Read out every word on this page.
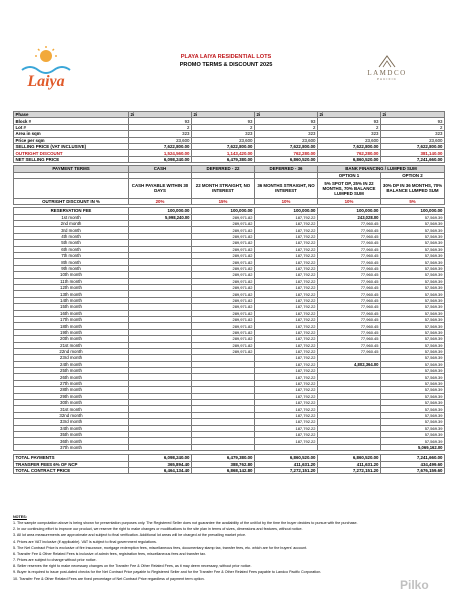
Laiya
PLAYA LAIYA RESIDENTIAL LOTS
PROMO TERMS & DISCOUNT 2025
LAMDCO
PACIFIC
Phase	2i	2i	2i	2i	2i
Block #	93	93	93	93	93
Lot #	2	2	2	2	2
Area in sqm	323	323	323	323	323
Price per sqm	23,600	23,600	23,600	23,600	23,600
SELLING PRICE (VAT INCLUSIVE)	7,622,800.00	7,622,800.00	7,622,800.00	7,622,800.00	7,622,800.00
OUTRIGHT DISCOUNT	1,524,560.00	1,143,420.00	762,280.00	762,280.00	381,140.00
NET SELLING PRICE	6,098,240.00	6,479,380.00	6,860,520.00	6,860,520.00	7,241,660.00

PAYMENT TERMS	CASH	DEFERRED - 22	DEFERRED - 36	BANK FINANCING / LUMPED SUM	
				OPTION 1	OPTION 2
	CASH PAYABLE WITHIN 30 DAYS	22 MONTH STRAIGHT, NO INTEREST	36 MONTHS STRAIGHT, NO INTEREST	5% SPOT DP, 25% IN 22 MONTHS, 70% BALANCE LUMPED SUM	30% DP IN 36 MONTHS, 70% BALANCE LUMPED SUM
OUTRIGHT DISCOUNT IN %	20%	15%	10%	10%	5%

RESERVATION FEE	100,000.00	100,000.00	100,000.00	100,000.00	100,000.00
1st month	5,998,240.00	289,971.82	187,792.22	243,028.00	57,569.39
2nd month		289,971.82	187,792.22	77,960.45	57,569.39
3rd month		289,971.82	187,792.22	77,960.45	57,569.39
4th month		289,971.82	187,792.22	77,960.45	57,569.39
5th month		289,971.82	187,792.22	77,960.45	57,569.39
6th month		289,971.82	187,792.22	77,960.45	57,569.39
7th month		289,971.82	187,792.22	77,960.45	57,569.39
8th month		289,971.82	187,792.22	77,960.45	57,569.39
9th month		289,971.82	187,792.22	77,960.45	57,569.39
10th month		289,971.82	187,792.22	77,960.45	57,569.39
11th month		289,971.82	187,792.22	77,960.45	57,569.39
12th month		289,971.82	187,792.22	77,960.45	57,569.39
13th month		289,971.82	187,792.22	77,960.45	57,569.39
14th month		289,971.82	187,792.22	77,960.45	57,569.39
15th month		289,971.82	187,792.22	77,960.45	57,569.39
16th month		289,971.82	187,792.22	77,960.45	57,569.39
17th month		289,971.82	187,792.22	77,960.45	57,569.39
18th month		289,971.82	187,792.22	77,960.45	57,569.39
19th month		289,971.82	187,792.22	77,960.45	57,569.39
20th month		289,971.82	187,792.22	77,960.45	57,569.39
21st month		289,971.82	187,792.22	77,960.45	57,569.39
22nd month		289,971.82	187,792.22	77,960.45	57,569.39
23rd month			187,792.22		57,569.39
24th month			187,792.22	4,802,364.00	57,569.39
25th month			187,792.22		57,569.39
26th month			187,792.22		57,569.39
27th month			187,792.22		57,569.39
28th month			187,792.22		57,569.39
29th month			187,792.22		57,569.39
30th month			187,792.22		57,569.39
31st month			187,792.22		57,569.39
32nd month			187,792.22		57,569.39
33rd month			187,792.22		57,569.39
34th month			187,792.22		57,569.39
35th month			187,792.22		57,569.39
36th month			187,792.22		57,569.39
37th month					5,069,162.00

TOTAL PAYMENTS	6,098,240.00	6,479,380.00	6,860,520.00	6,860,520.00	7,241,660.00
TRANSFER FEES 6% OF NCP	365,894.40	388,762.80	411,631.20	411,631.20	434,499.60
TOTAL CONTRACT PRICE	6,464,134.40	6,868,142.80	7,272,151.20	7,272,151.20	7,676,159.60
NOTES:
1. The sample computation above is being shown for presentation purposes only. The Registered Seller does not guarantee the availability of the unit/lot by the time the buyer decides to pursue with the purchase.
2. In our continuing effort to improve our product, we reserve the right to make changes or modifications to the site plan in terms of sizes, dimensions and features, without notice.
3. All lot area measurements are approximate and subject to final verification. Additional lot areas will be charged at the prevailing market price.
4. Prices are VAT inclusive (if applicable). VAT is subject to final government regulations.
5. The Net Contract Price is exclusive of fire insurance, mortgage redemption fees, miscellaneous fees, documentary stamp tax, transfer fees, etc. which are for the buyers' account.
6. Transfer Fee & Other Related Fees is inclusive of admin fees, registration fees, miscellaneous fees and transfer tax.
7. Prices are subject to change without prior notice.
8. Seller reserves the right to make necessary changes on the Transfer Fee & Other Related Fees, as it may deem necessary, without prior notice.
9. Buyer is required to issue post-dated checks for the Net Contract Price payable to Registered Seller and for the Transfer Fee & Other Related Fees payable to Landco Pacific Corporation.
10. Transfer Fee & Other Related Fees are fixed percentage of Net Contract Price regardless of payment term option.	Pilko
